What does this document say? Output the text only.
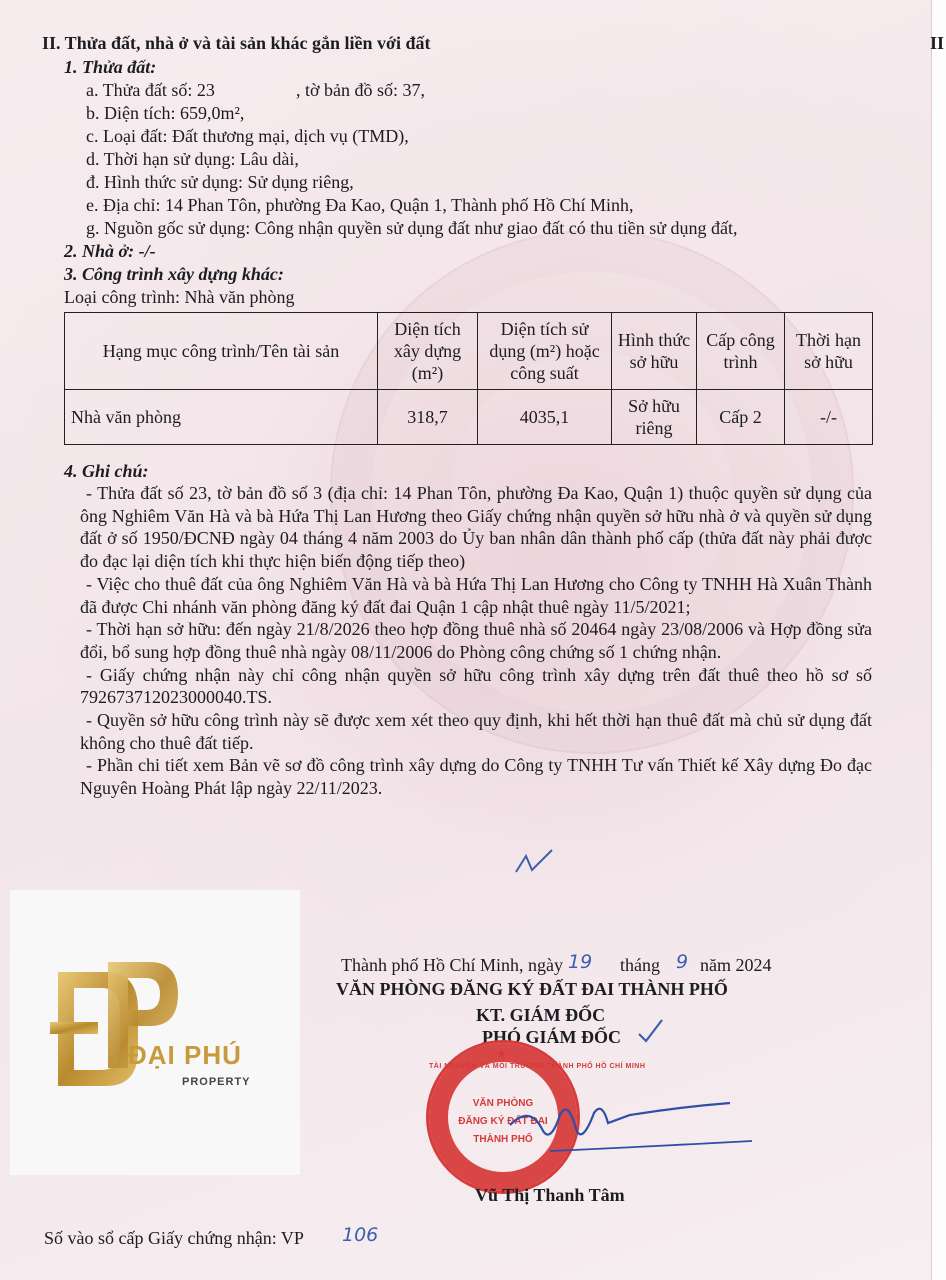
II
II. Thửa đất, nhà ở và tài sản khác gắn liền với đất
1. Thửa đất:
a. Thửa đất số: 23	, tờ bản đồ số: 37,
b. Diện tích: 659,0m²,
c. Loại đất: Đất thương mại, dịch vụ (TMD),
d. Thời hạn sử dụng: Lâu dài,
đ. Hình thức sử dụng: Sử dụng riêng,
e. Địa chỉ: 14 Phan Tôn, phường Đa Kao, Quận 1, Thành phố Hồ Chí Minh,
g. Nguồn gốc sử dụng: Công nhận quyền sử dụng đất như giao đất có thu tiền sử dụng đất,
2. Nhà ở: -/-
3. Công trình xây dựng khác:
Loại công trình: Nhà văn phòng
Hạng mục công trình/Tên tài sản	Diện tích xây dựng (m²)	Diện tích sử dụng (m²) hoặc công suất	Hình thức sở hữu	Cấp công trình	Thời hạn sở hữu
Nhà văn phòng	318,7	4035,1	Sở hữu riêng	Cấp 2	-/-
4. Ghi chú:

- Thửa đất số 23, tờ bản đồ số 3 (địa chỉ: 14 Phan Tôn, phường Đa Kao, Quận 1) thuộc quyền sử dụng của ông Nghiêm Văn Hà và bà Hứa Thị Lan Hương theo Giấy chứng nhận quyền sở hữu nhà ở và quyền sử dụng đất ở số 1950/ĐCNĐ ngày 04 tháng 4 năm 2003 do Ủy ban nhân dân thành phố cấp (thửa đất này phải được đo đạc lại diện tích khi thực hiện biến động tiếp theo)

- Việc cho thuê đất của ông Nghiêm Văn Hà và bà Hứa Thị Lan Hương cho Công ty TNHH Hà Xuân Thành đã được Chi nhánh văn phòng đăng ký đất đai Quận 1 cập nhật thuê ngày 11/5/2021;

- Thời hạn sở hữu: đến ngày 21/8/2026 theo hợp đồng thuê nhà số 20464 ngày 23/08/2006 và Hợp đồng sửa đổi, bổ sung hợp đồng thuê nhà ngày 08/11/2006 do Phòng công chứng số 1 chứng nhận.

- Giấy chứng nhận này chỉ công nhận quyền sở hữu công trình xây dựng trên đất thuê theo hồ sơ số 792673712023000040.TS.

- Quyền sở hữu công trình này sẽ được xem xét theo quy định, khi hết thời hạn thuê đất mà chủ sử dụng đất không cho thuê đất tiếp.

- Phần chi tiết xem Bản vẽ sơ đồ công trình xây dựng do Công ty TNHH Tư vấn Thiết kế Xây dựng Đo đạc Nguyên Hoàng Phát lập ngày 22/11/2023.

ĐẠI PHÚ
PROPERTY
Thành phố Hồ Chí Minh, ngày 19 tháng 9 năm 2024
VĂN PHÒNG ĐĂNG KÝ ĐẤT ĐAI THÀNH PHỐ
KT. GIÁM ĐỐC
PHÓ GIÁM ĐỐC
TÀI NGUYÊN VÀ MÔI TRƯỜNG THÀNH PHỐ HỒ CHÍ MINH
VĂN PHÒNG
ĐĂNG KÝ ĐẤT ĐAI
THÀNH PHỐ
★
Vũ Thị Thanh Tâm
Số vào sổ cấp Giấy chứng nhận: VP 106
